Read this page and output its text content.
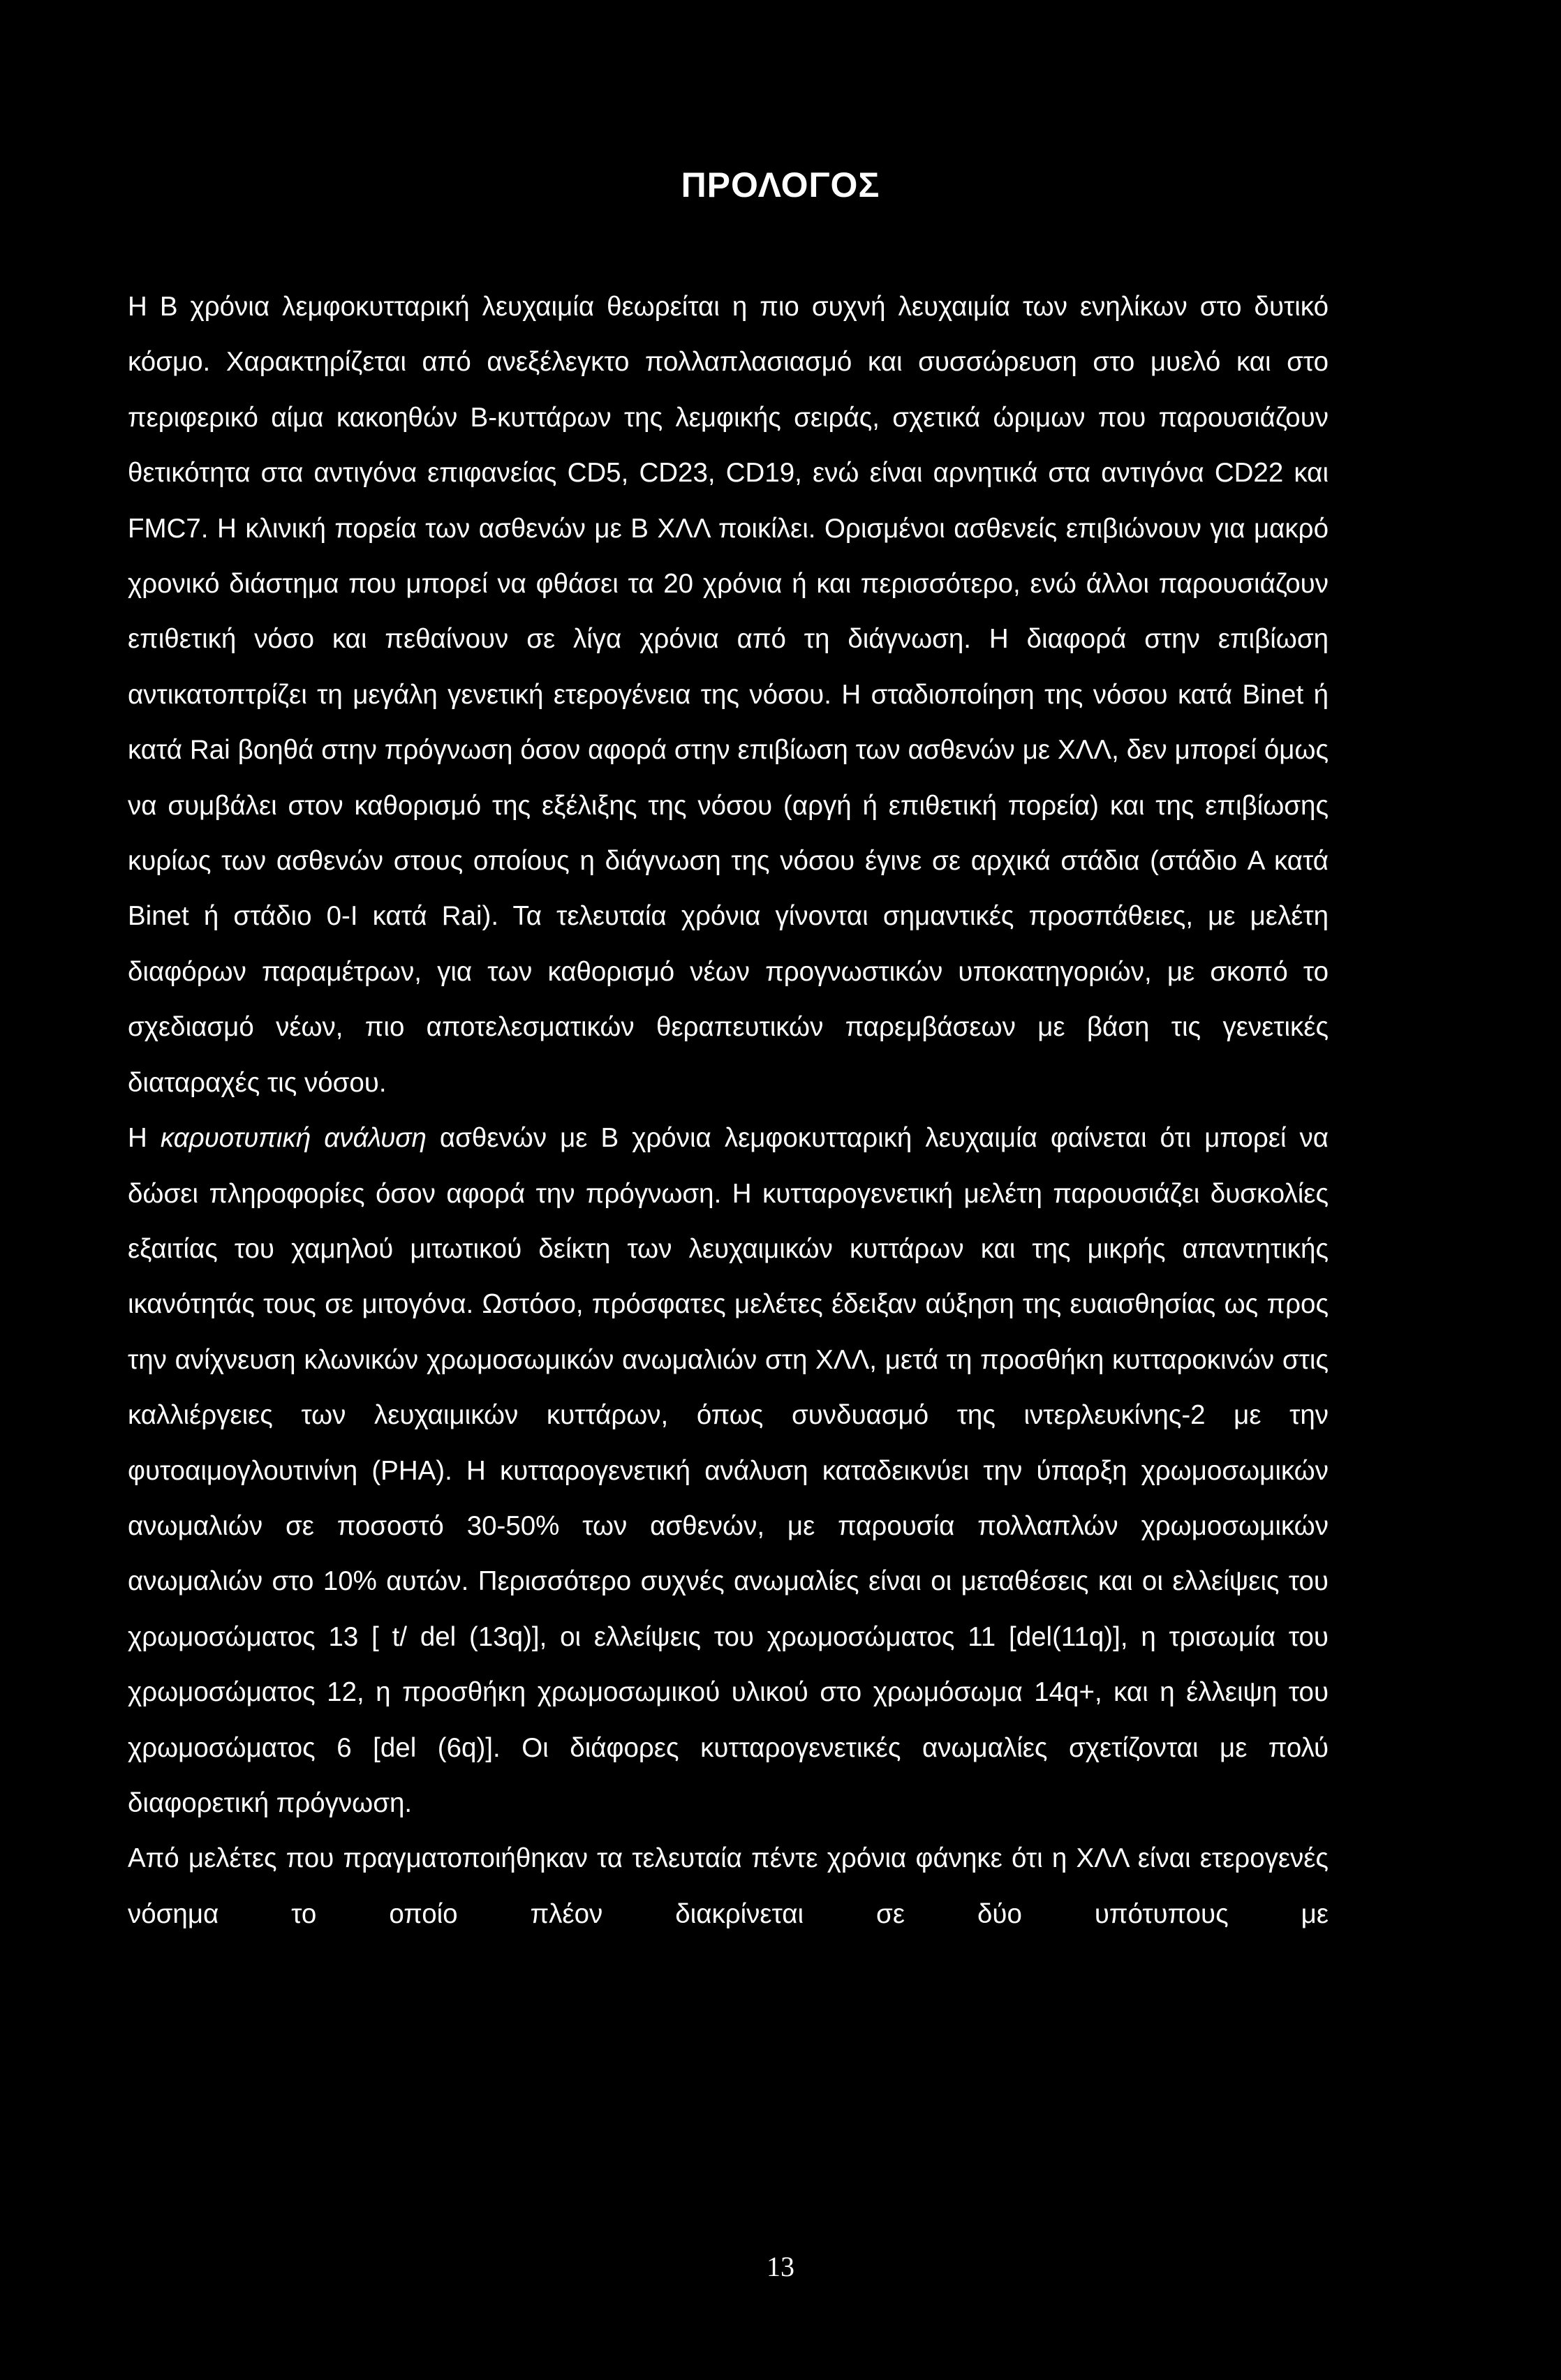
ΠΡΟΛΟΓΟΣ

Η Β χρόνια λεμφοκυτταρική λευχαιμία θεωρείται η πιο συχνή λευχαιμία των ενηλίκων στο δυτικό κόσμο. Χαρακτηρίζεται από ανεξέλεγκτο πολλαπλασιασμό και συσσώρευση στο μυελό και στο περιφερικό αίμα κακοηθών Β-κυττάρων της λεμφικής σειράς, σχετικά ώριμων που παρουσιάζουν θετικότητα στα αντιγόνα επιφανείας CD5, CD23, CD19, ενώ είναι αρνητικά στα αντιγόνα CD22 και FMC7. Η κλινική πορεία των ασθενών με Β ΧΛΛ ποικίλει. Ορισμένοι ασθενείς επιβιώνουν για μακρό χρονικό διάστημα που μπορεί να φθάσει τα 20 χρόνια ή και περισσότερο, ενώ άλλοι παρουσιάζουν επιθετική νόσο και πεθαίνουν σε λίγα χρόνια από τη διάγνωση. Η διαφορά στην επιβίωση αντικατοπτρίζει τη μεγάλη γενετική ετερογένεια της νόσου. Η σταδιοποίηση της νόσου κατά Binet ή κατά Rai βοηθά στην πρόγνωση όσον αφορά στην επιβίωση των ασθενών με ΧΛΛ, δεν μπορεί όμως να συμβάλει στον καθορισμό της εξέλιξης της νόσου (αργή ή επιθετική πορεία) και της επιβίωσης κυρίως των ασθενών στους οποίους η διάγνωση της νόσου έγινε σε αρχικά στάδια (στάδιο A κατά Binet ή στάδιο 0-I κατά Rai). Τα τελευταία χρόνια γίνονται σημαντικές προσπάθειες, με μελέτη διαφόρων παραμέτρων, για των καθορισμό νέων προγνωστικών υποκατηγοριών, με σκοπό το σχεδιασμό νέων, πιο αποτελεσματικών θεραπευτικών παρεμβάσεων με βάση τις γενετικές διαταραχές τις νόσου.

Η καρυοτυπική ανάλυση ασθενών με Β χρόνια λεμφοκυτταρική λευχαιμία φαίνεται ότι μπορεί να δώσει πληροφορίες όσον αφορά την πρόγνωση. Η κυτταρογενετική μελέτη παρουσιάζει δυσκολίες εξαιτίας του χαμηλού μιτωτικού δείκτη των λευχαιμικών κυττάρων και της μικρής απαντητικής ικανότητάς τους σε μιτογόνα. Ωστόσο, πρόσφατες μελέτες έδειξαν αύξηση της ευαισθησίας ως προς την ανίχνευση κλωνικών χρωμοσωμικών ανωμαλιών στη ΧΛΛ, μετά τη προσθήκη κυτταροκινών στις καλλιέργειες των λευχαιμικών κυττάρων, όπως συνδυασμό της ιντερλευκίνης-2 με την φυτοαιμογλουτινίνη (PHA). Η κυτταρογενετική ανάλυση καταδεικνύει την ύπαρξη χρωμοσωμικών ανωμαλιών σε ποσοστό 30-50% των ασθενών, με παρουσία πολλαπλών χρωμοσωμικών ανωμαλιών στο 10% αυτών. Περισσότερο συχνές ανωμαλίες είναι οι μεταθέσεις και οι ελλείψεις του χρωμοσώματος 13 [ t/ del (13q)], οι ελλείψεις του χρωμοσώματος 11 [del(11q)], η τρισωμία του χρωμοσώματος 12, η προσθήκη χρωμοσωμικού υλικού στο χρωμόσωμα 14q+, και η έλλειψη του χρωμοσώματος 6 [del (6q)]. Οι διάφορες κυτταρογενετικές ανωμαλίες σχετίζονται με πολύ διαφορετική πρόγνωση.

Από μελέτες που πραγματοποιήθηκαν τα τελευταία πέντε χρόνια φάνηκε ότι η ΧΛΛ είναι ετερογενές νόσημα το οποίο πλέον διακρίνεται σε δύο υπότυπους με

13
